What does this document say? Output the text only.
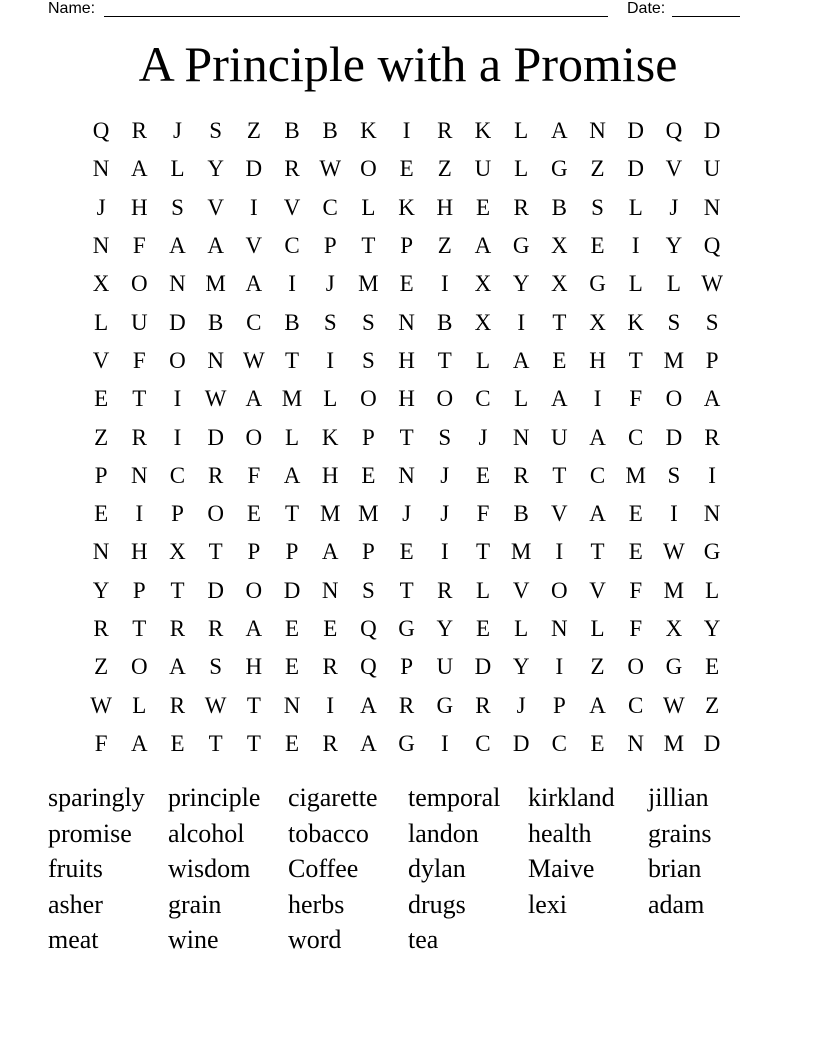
Name:	Date:
A Principle with a Promise
Q R	J	S	Z	B B K	I	R K L A N D Q D
N A L Y D R W O E	Z U L G Z D V U
J	H	S	V	I	V C	L K H E	R B	S	L	J	N
N	F	A A V C	P	T	P	Z A G X E	I	Y Q
X O N M A	I	J	M E	I	X Y X G L	L W
L U D B C B	S	S	N B X	I	T X K	S	S
V	F	O N W T	I	S	H T	L A E H T M P
E	T	I	W A M L O H O C	L A	I	F	O A
Z	R	I	D O L K	P	T	S	J	N U A C D R
P	N C R	F	A H E N	J	E	R	T	C M S	I
E	I	P	O E	T M M	J	J	F	B V A E	I	N
N H X T	P	P	A	P	E	I	T M	I	T	E W G
Y	P	T D O D N	S	T	R	L V O V	F M L
R	T	R R A E	E Q G Y E	L N L	F	X Y
Z O A	S	H E	R Q	P	U D Y	I	Z O G E
W L	R W T N	I	A R G R	J	P	A C W Z
F	A E	T	T	E	R A G	I	C D C	E N M D
sparingly principle	cigarette	temporal	kirkland	jillian
promise	alcohol	tobacco	landon	health	grains
fruits	wisdom	Coffee	dylan	Maive	brian
asher	grain	herbs	drugs	lexi	adam
meat	wine	word	tea
